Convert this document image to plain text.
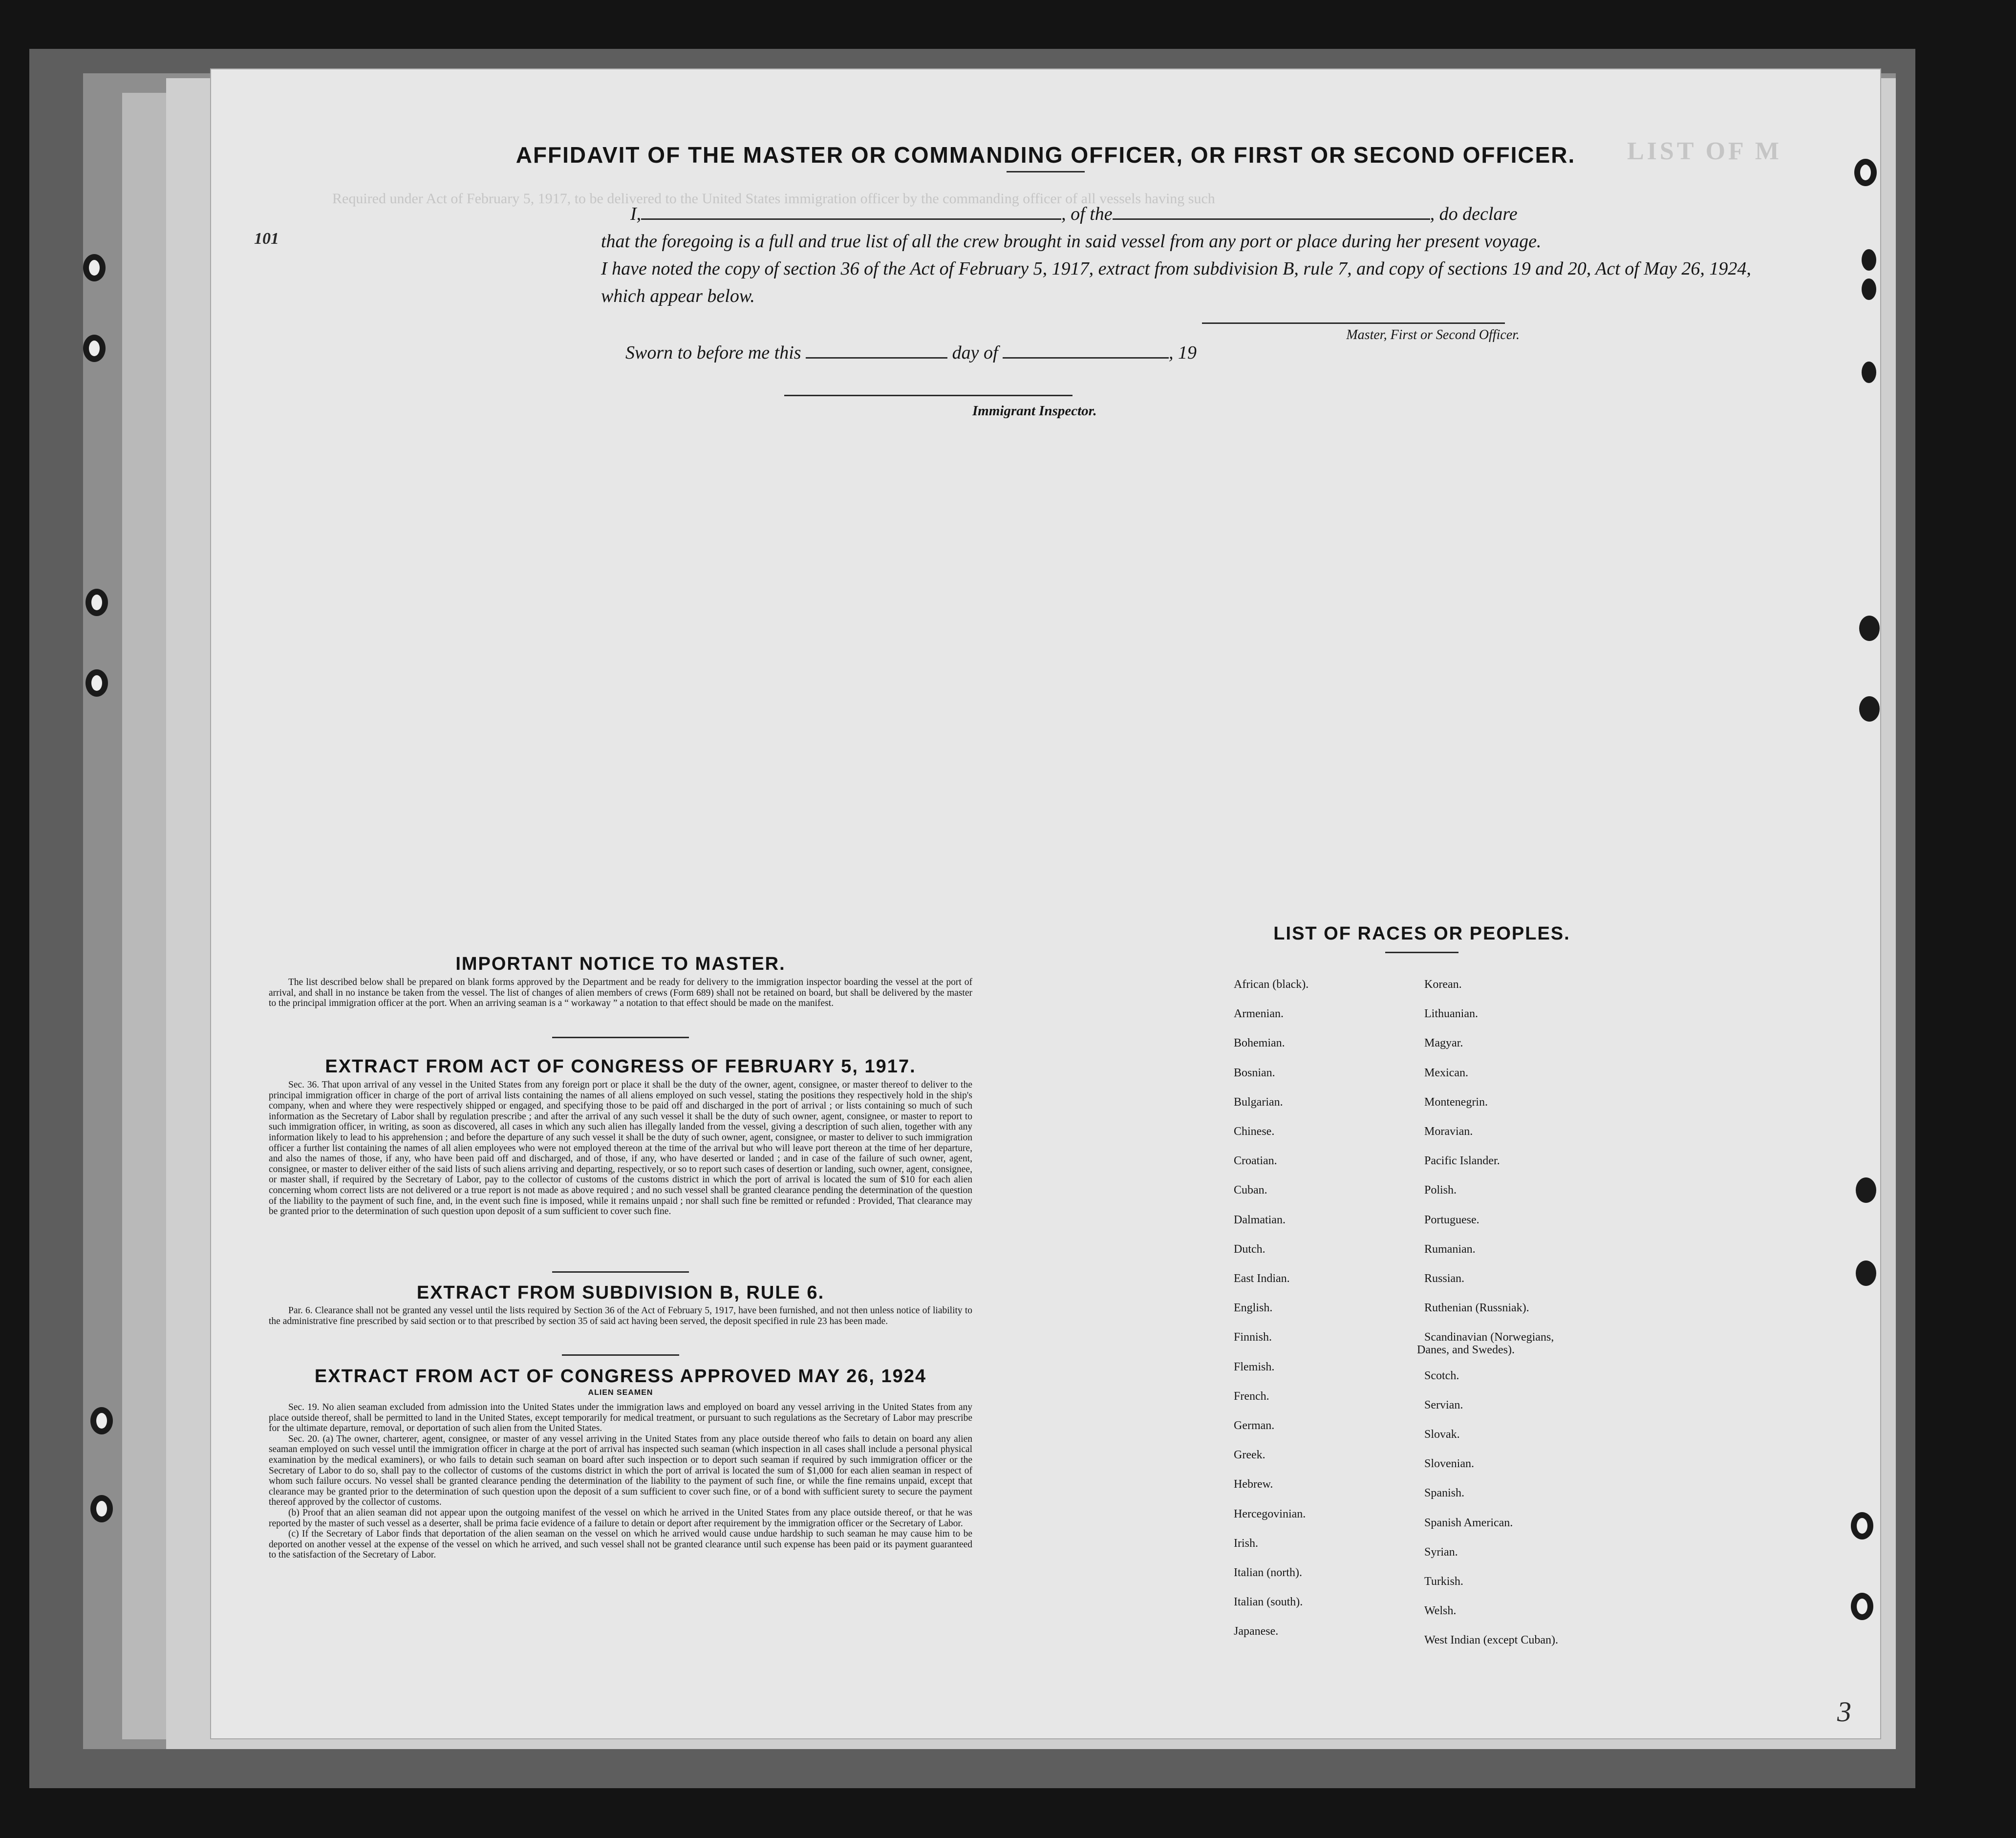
LIST OF M
Required under Act of February 5, 1917, to be delivered to the United States immigration officer by the commanding officer of all vessels having such
101
3
AFFIDAVIT OF THE MASTER OR COMMANDING OFFICER, OR FIRST OR SECOND OFFICER.

I,	, of the	, do declare

that the foregoing is a full and true list of all the crew brought in said vessel from any port or place during her present voyage.

I have noted the copy of section 36 of the Act of February 5, 1917, extract from subdivision B, rule 7, and copy of sections 19 and 20, Act of May 26, 1924, which appear below.

Master, First or Second Officer.
Sworn to before me this	day of	, 19
Immigrant Inspector.
IMPORTANT NOTICE TO MASTER.

The list described below shall be prepared on blank forms approved by the Department and be ready for delivery to the immigration inspector boarding the vessel at the port of arrival, and shall in no instance be taken from the vessel. The list of changes of alien members of crews (Form 689) shall not be retained on board, but shall be delivered by the master to the principal immigration officer at the port. When an arriving seaman is a “ workaway ” a notation to that effect should be made on the manifest.

EXTRACT FROM ACT OF CONGRESS OF FEBRUARY 5, 1917.

Sec. 36. That upon arrival of any vessel in the United States from any foreign port or place it shall be the duty of the owner, agent, consignee, or master thereof to deliver to the principal immigration officer in charge of the port of arrival lists containing the names of all aliens employed on such vessel, stating the positions they respectively hold in the ship's company, when and where they were respectively shipped or engaged, and specifying those to be paid off and discharged in the port of arrival ; or lists containing so much of such information as the Secretary of Labor shall by regulation prescribe ; and after the arrival of any such vessel it shall be the duty of such owner, agent, consignee, or master to report to such immigration officer, in writing, as soon as discovered, all cases in which any such alien has illegally landed from the vessel, giving a description of such alien, together with any information likely to lead to his apprehension ; and before the departure of any such vessel it shall be the duty of such owner, agent, consignee, or master to deliver to such immigration officer a further list containing the names of all alien employees who were not employed thereon at the time of the arrival but who will leave port thereon at the time of her departure, and also the names of those, if any, who have been paid off and discharged, and of those, if any, who have deserted or landed ; and in case of the failure of such owner, agent, consignee, or master to deliver either of the said lists of such aliens arriving and departing, respectively, or so to report such cases of desertion or landing, such owner, agent, consignee, or master shall, if required by the Secretary of Labor, pay to the collector of customs of the customs district in which the port of arrival is located the sum of $10 for each alien concerning whom correct lists are not delivered or a true report is not made as above required ; and no such vessel shall be granted clearance pending the determination of the question of the liability to the payment of such fine, and, in the event such fine is imposed, while it remains unpaid ; nor shall such fine be remitted or refunded : Provided, That clearance may be granted prior to the determination of such question upon deposit of a sum sufficient to cover such fine.

EXTRACT FROM SUBDIVISION B, RULE 6.

Par. 6. Clearance shall not be granted any vessel until the lists required by Section 36 of the Act of February 5, 1917, have been furnished, and not then unless notice of liability to the administrative fine prescribed by said section or to that prescribed by section 35 of said act having been served, the deposit specified in rule 23 has been made.

EXTRACT FROM ACT OF CONGRESS APPROVED MAY 26, 1924
ALIEN SEAMEN

Sec. 19. No alien seaman excluded from admission into the United States under the immigration laws and employed on board any vessel arriving in the United States from any place outside thereof, shall be permitted to land in the United States, except temporarily for medical treatment, or pursuant to such regulations as the Secretary of Labor may prescribe for the ultimate departure, removal, or deportation of such alien from the United States.

Sec. 20. (a) The owner, charterer, agent, consignee, or master of any vessel arriving in the United States from any place outside thereof who fails to detain on board any alien seaman employed on such vessel until the immigration officer in charge at the port of arrival has inspected such seaman (which inspection in all cases shall include a personal physical examination by the medical examiners), or who fails to detain such seaman on board after such inspection or to deport such seaman if required by such immigration officer or the Secretary of Labor to do so, shall pay to the collector of customs of the customs district in which the port of arrival is located the sum of $1,000 for each alien seaman in respect of whom such failure occurs. No vessel shall be granted clearance pending the determination of the liability to the payment of such fine, or while the fine remains unpaid, except that clearance may be granted prior to the determination of such question upon the deposit of a sum sufficient to cover such fine, or of a bond with sufficient surety to secure the payment thereof approved by the collector of customs.

(b) Proof that an alien seaman did not appear upon the outgoing manifest of the vessel on which he arrived in the United States from any place outside thereof, or that he was reported by the master of such vessel as a deserter, shall be prima facie evidence of a failure to detain or deport after requirement by the immigration officer or the Secretary of Labor.

(c) If the Secretary of Labor finds that deportation of the alien seaman on the vessel on which he arrived would cause undue hardship to such seaman he may cause him to be deported on another vessel at the expense of the vessel on which he arrived, and such vessel shall not be granted clearance until such expense has been paid or its payment guaranteed to the satisfaction of the Secretary of Labor.

LIST OF RACES OR PEOPLES.
African (black).
Armenian.
Bohemian.
Bosnian.
Bulgarian.
Chinese.
Croatian.
Cuban.
Dalmatian.
Dutch.
East Indian.
English.
Finnish.
Flemish.
French.
German.
Greek.
Hebrew.
Hercegovinian.
Irish.
Italian (north).
Italian (south).
Japanese.
Korean.
Lithuanian.
Magyar.
Mexican.
Montenegrin.
Moravian.
Pacific Islander.
Polish.
Portuguese.
Rumanian.
Russian.
Ruthenian (Russniak).
Scandinavian (Norwegians,
Danes, and Swedes).
Scotch.
Servian.
Slovak.
Slovenian.
Spanish.
Spanish American.
Syrian.
Turkish.
Welsh.
West Indian (except Cuban).
